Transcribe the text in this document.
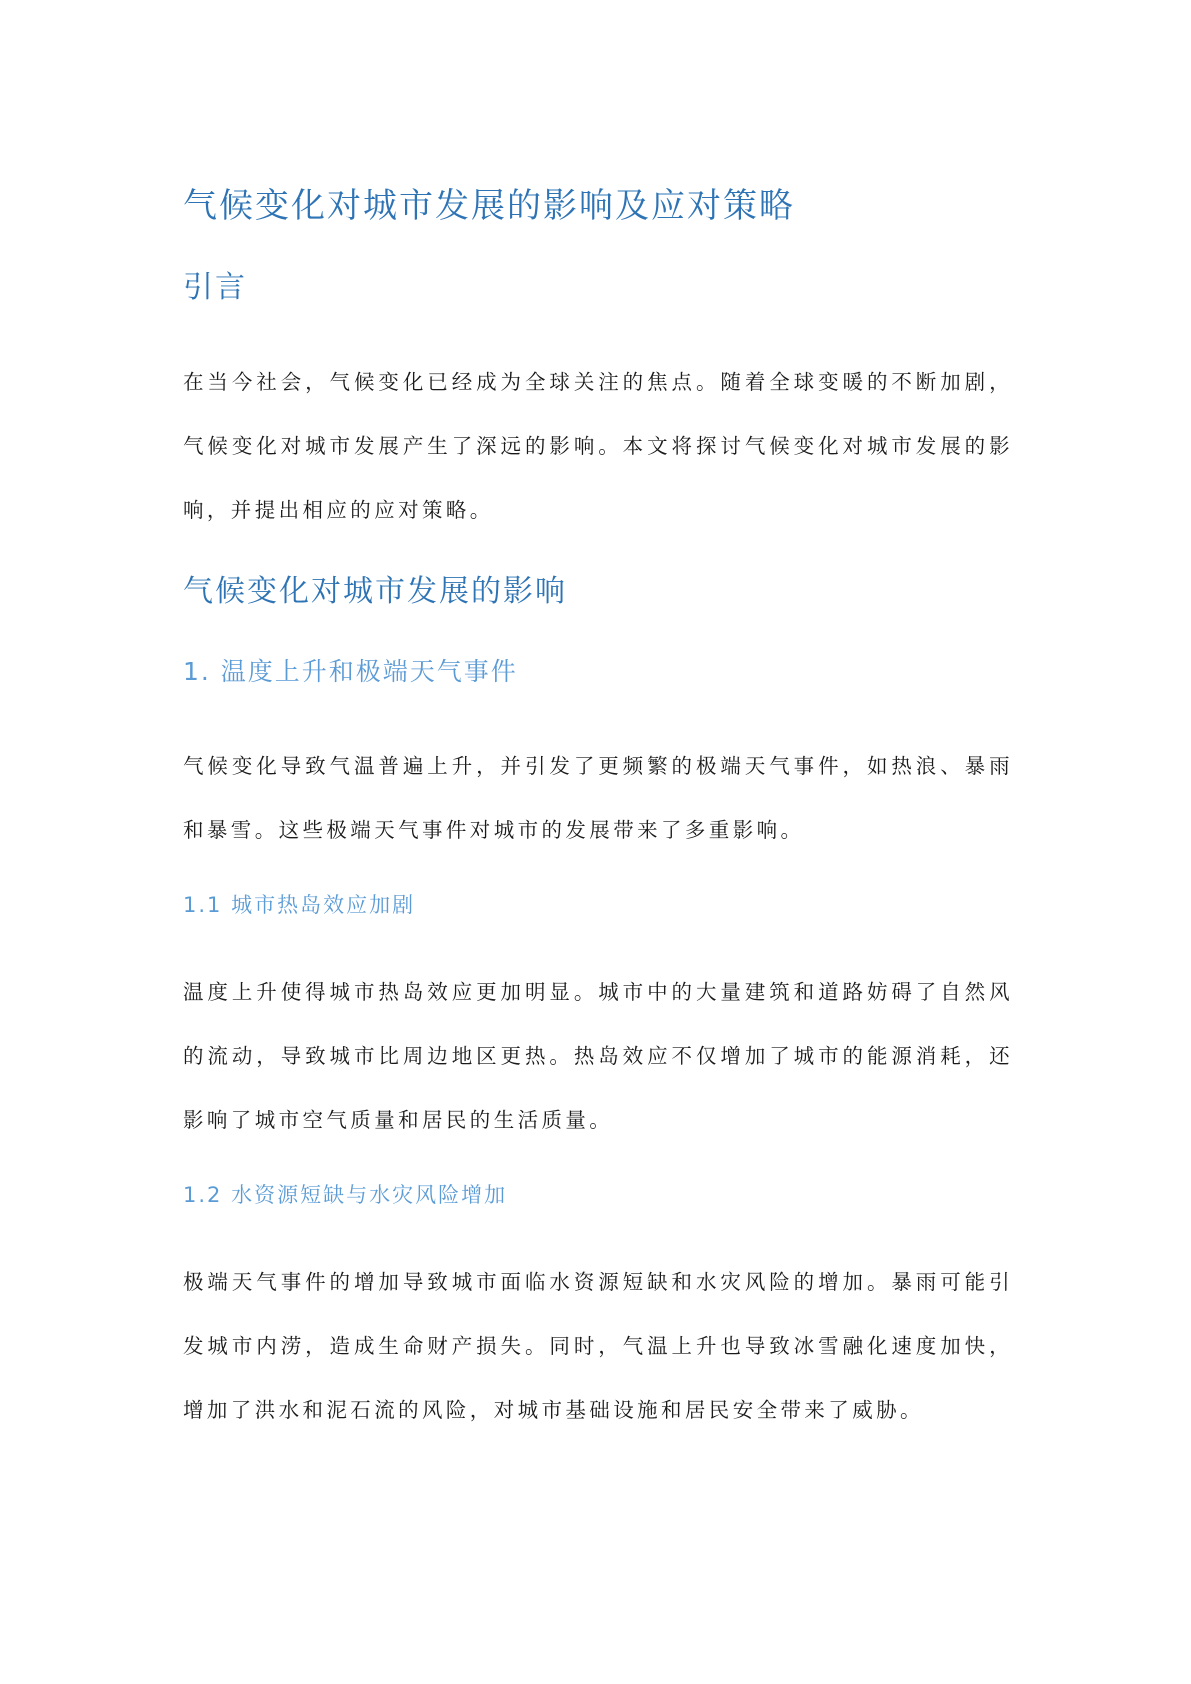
气候变化对城市发展的影响及应对策略
引言

在当今社会，气候变化已经成为全球关注的焦点。随着全球变暖的不断加剧，气候变化对城市发展产生了深远的影响。本文将探讨气候变化对城市发展的影响，并提出相应的应对策略。

气候变化对城市发展的影响
1. 温度上升和极端天气事件

气候变化导致气温普遍上升，并引发了更频繁的极端天气事件，如热浪、暴雨和暴雪。这些极端天气事件对城市的发展带来了多重影响。

1.1 城市热岛效应加剧

温度上升使得城市热岛效应更加明显。城市中的大量建筑和道路妨碍了自然风的流动，导致城市比周边地区更热。热岛效应不仅增加了城市的能源消耗，还影响了城市空气质量和居民的生活质量。

1.2 水资源短缺与水灾风险增加

极端天气事件的增加导致城市面临水资源短缺和水灾风险的增加。暴雨可能引发城市内涝，造成生命财产损失。同时，气温上升也导致冰雪融化速度加快，增加了洪水和泥石流的风险，对城市基础设施和居民安全带来了威胁。
